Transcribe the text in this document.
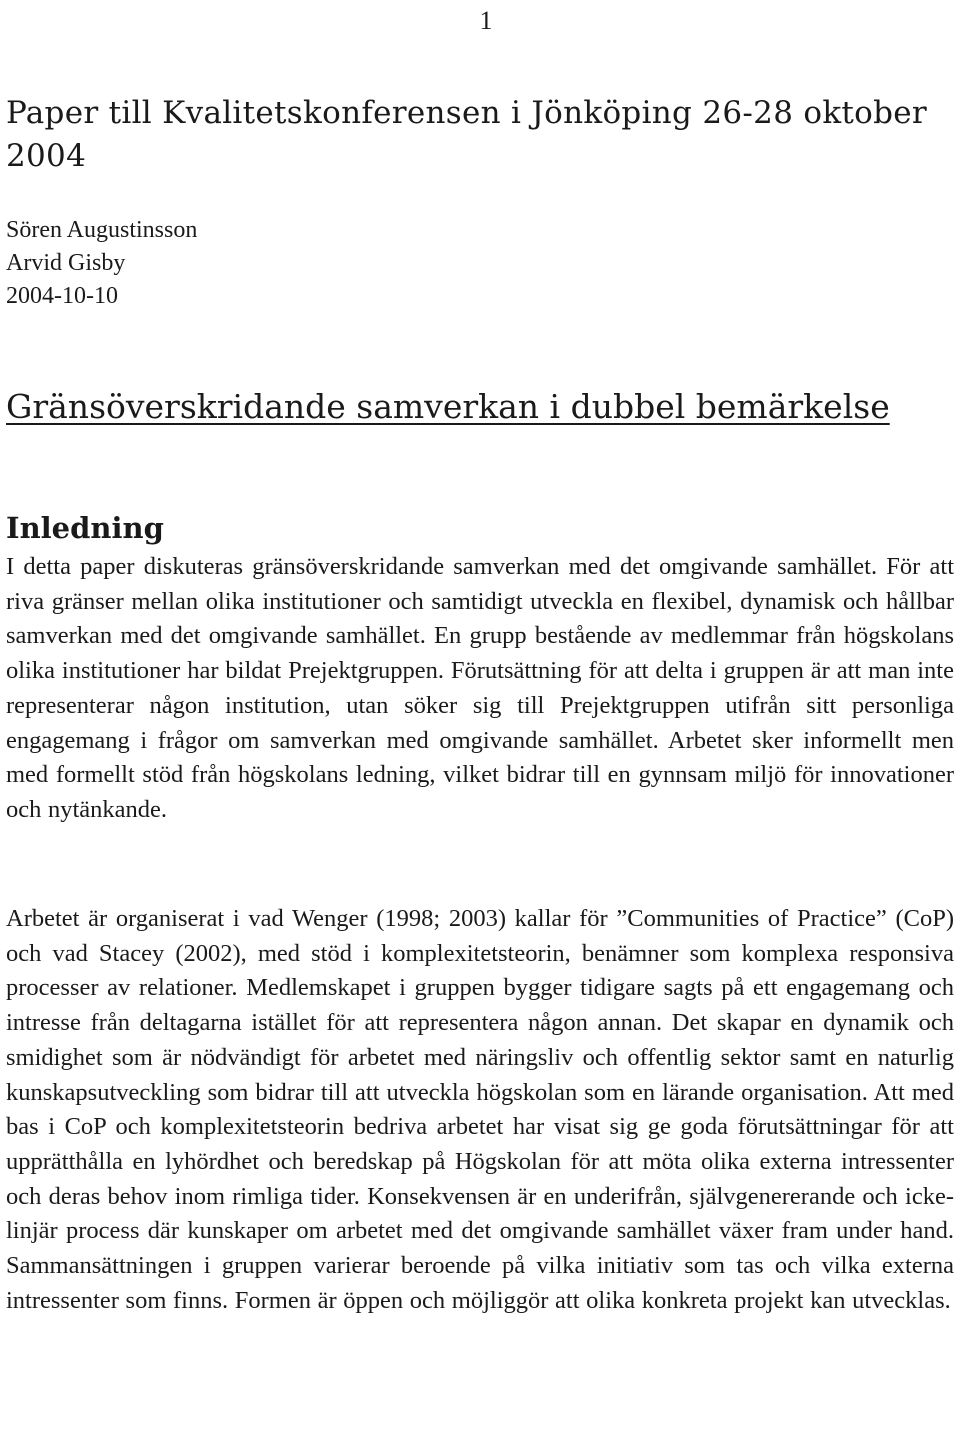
1
Paper till Kvalitetskonferensen i Jönköping 26-28 oktober 2004
Sören Augustinsson
Arvid Gisby
2004-10-10
Gränsöverskridande samverkan i dubbel bemärkelse
Inledning

I detta paper diskuteras gränsöverskridande samverkan med det omgivande samhället. För att riva gränser mellan olika institutioner och samtidigt utveckla en flexibel, dynamisk och hållbar samverkan med det omgivande samhället. En grupp bestående av medlemmar från högskolans olika institutioner har bildat Prejektgruppen. Förutsättning för att delta i gruppen är att man inte representerar någon institution, utan söker sig till Prejektgruppen utifrån sitt personliga engagemang i frågor om samverkan med omgivande samhället. Arbetet sker informellt men med formellt stöd från högskolans ledning, vilket bidrar till en gynnsam miljö för innovationer och nytänkande.

Arbetet är organiserat i vad Wenger (1998; 2003) kallar för ”Communities of Practice” (CoP) och vad Stacey (2002), med stöd i komplexitetsteorin, benämner som komplexa responsiva processer av relationer. Medlemskapet i gruppen bygger tidigare sagts på ett engagemang och intresse från deltagarna istället för att representera någon annan. Det skapar en dynamik och smidighet som är nödvändigt för arbetet med näringsliv och offentlig sektor samt en naturlig kunskapsutveckling som bidrar till att utveckla högskolan som en lärande organisation. Att med bas i CoP och komplexitetsteorin bedriva arbetet har visat sig ge goda förutsättningar för att upprätthålla en lyhördhet och beredskap på Högskolan för att möta olika externa intressenter och deras behov inom rimliga tider. Konsekvensen är en underifrån, självgenererande och icke-linjär process där kunskaper om arbetet med det omgivande samhället växer fram under hand. Sammansättningen i gruppen varierar beroende på vilka initiativ som tas och vilka externa intressenter som finns. Formen är öppen och möjliggör att olika konkreta projekt kan utvecklas.
